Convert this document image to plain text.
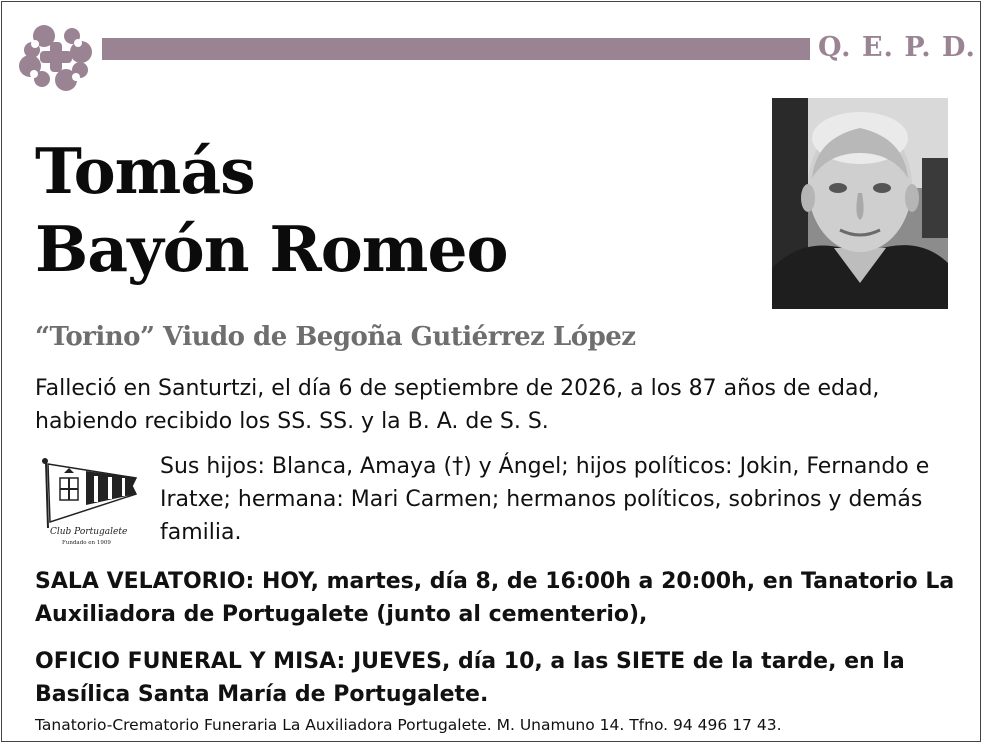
Q. E. P. D.
Tomás
Bayón Romeo
“Torino” Viudo de Begoña Gutiérrez López
Falleció en Santurtzi, el día 6 de septiembre de 2026, a los 87 años de edad, habiendo recibido los SS. SS. y la B. A. de S. S.
Club Portugalete
Fundado en 1909
Sus hijos: Blanca, Amaya (†) y Ángel; hijos políticos: Jokin, Fernando e Iratxe; hermana: Mari Carmen; hermanos políticos, sobrinos y demás familia.
SALA VELATORIO: HOY, martes, día 8, de 16:00h a 20:00h, en Tanatorio La Auxiliadora de Portugalete (junto al cementerio),
OFICIO FUNERAL Y MISA: JUEVES, día 10, a las SIETE de la tarde, en la Basílica Santa María de Portugalete.
Tanatorio-Crematorio Funeraria La Auxiliadora Portugalete. M. Unamuno 14. Tfno. 94 496 17 43.
